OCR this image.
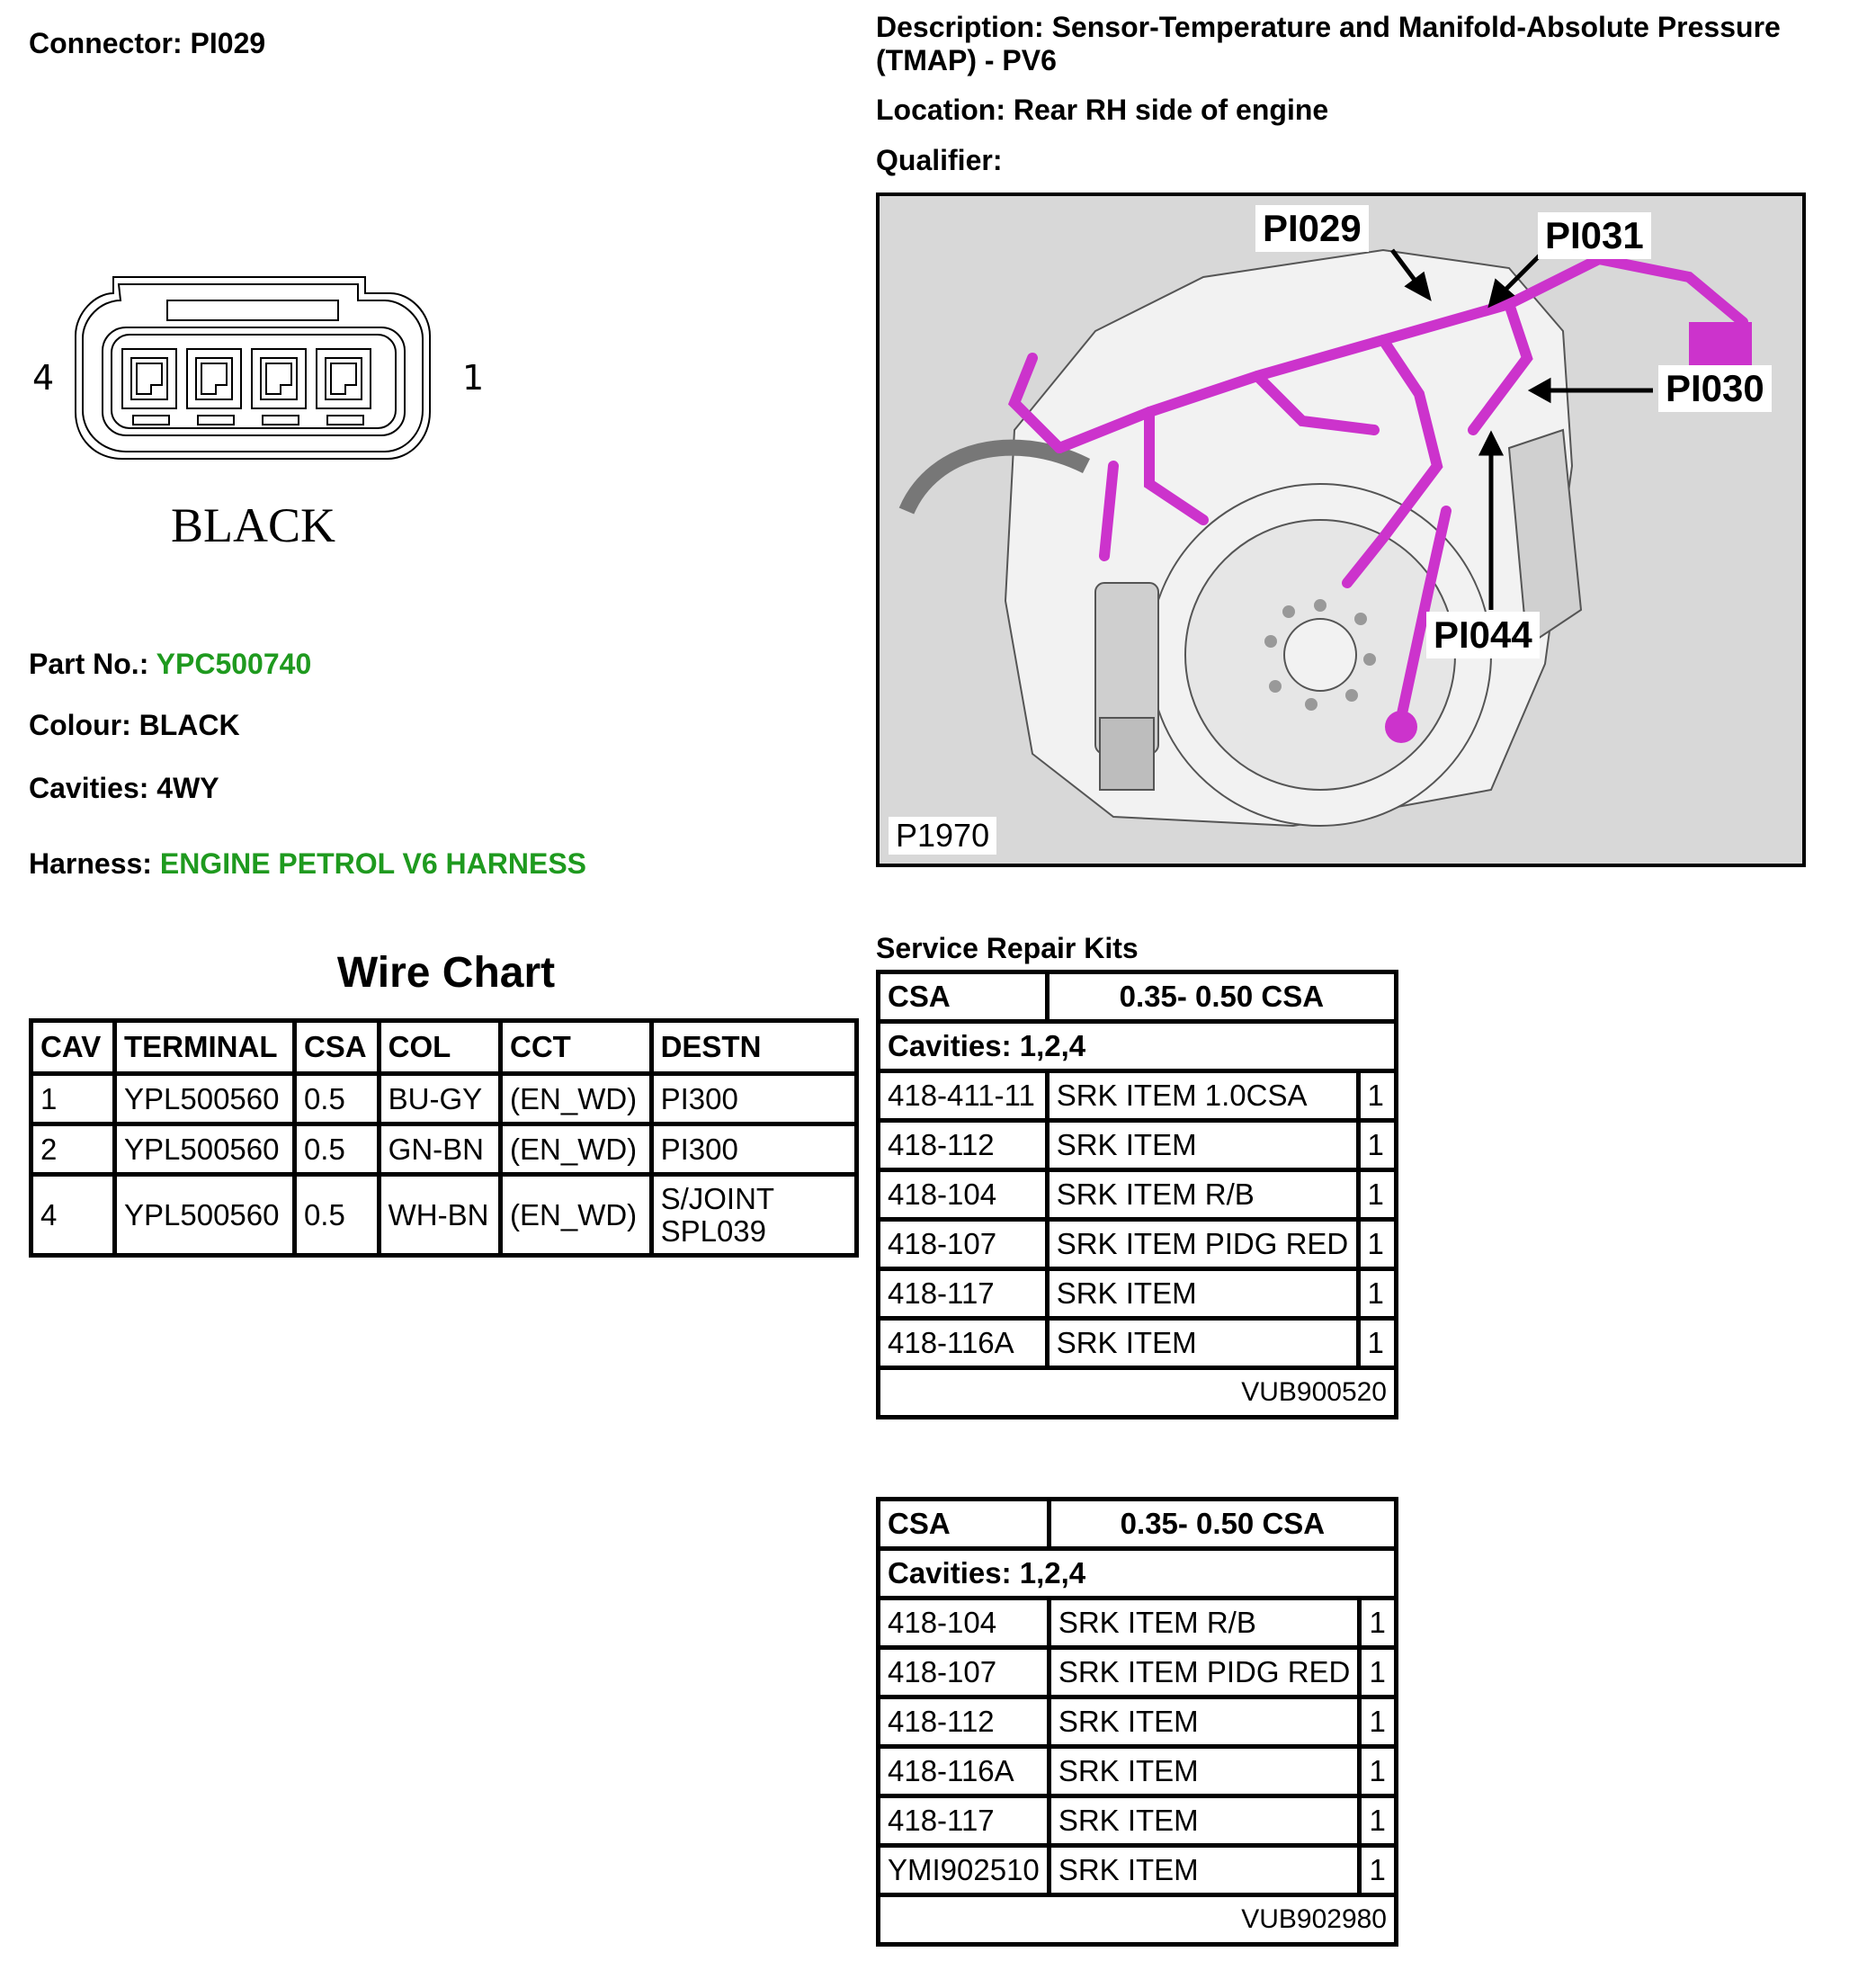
Connector: PI029	Description: Sensor-Temperature and Manifold-Absolute Pressure (TMAP) - PV6
Location: Rear RH side of engine
Qualifier:
4	1
BLACK
Part No.: YPC500740
Colour: BLACK
Cavities: 4WY
Harness: ENGINE PETROL V6 HARNESS
PI029	PI031
PI030
PI044
P1970
Wire Chart
CAV	TERMINAL	CSA	COL	CCT	DESTN
1	YPL500560	0.5	BU-GY	(EN_WD)	PI300
2	YPL500560	0.5	GN-BN	(EN_WD)	PI300
4	YPL500560	0.5	WH-BN	(EN_WD)	S/JOINT SPL039
Service Repair Kits
CSA	0.35- 0.50 CSA	
Cavities: 1,2,4		
418-411-11	SRK ITEM 1.0CSA	1
418-112	SRK ITEM	1
418-104	SRK ITEM R/B	1
418-107	SRK ITEM PIDG RED	1
418-117	SRK ITEM	1
418-116A	SRK ITEM	1
VUB900520		
CSA	0.35- 0.50 CSA	
Cavities: 1,2,4		
418-104	SRK ITEM R/B	1
418-107	SRK ITEM PIDG RED	1
418-112	SRK ITEM	1
418-116A	SRK ITEM	1
418-117	SRK ITEM	1
YMI902510	SRK ITEM	1
VUB902980		
